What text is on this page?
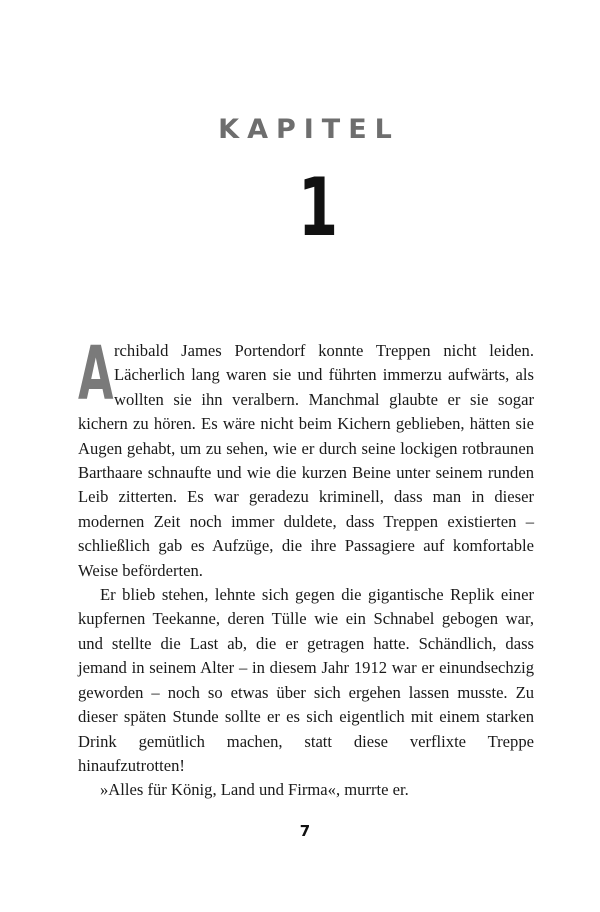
KAPITEL
1

Archibald James Portendorf konnte Treppen nicht leiden. Lächerlich lang waren sie und führten immerzu aufwärts, als wollten sie ihn veralbern. Manchmal glaubte er sie sogar kichern zu hören. Es wäre nicht beim Kichern geblieben, hätten sie Augen gehabt, um zu sehen, wie er durch seine lockigen rotbraunen Barthaare schnaufte und wie die kurzen Beine unter seinem runden Leib zitterten. Es war geradezu kriminell, dass man in dieser modernen Zeit noch immer duldete, dass Treppen existierten – schließlich gab es Aufzüge, die ihre Passagiere auf komfortable Weise beförderten.

Er blieb stehen, lehnte sich gegen die gigantische Replik einer kupfernen Teekanne, deren Tülle wie ein Schnabel gebogen war, und stellte die Last ab, die er getragen hatte. Schändlich, dass jemand in seinem Alter – in diesem Jahr 1912 war er einundsechzig geworden – noch so etwas über sich ergehen lassen musste. Zu dieser späten Stunde sollte er es sich eigentlich mit einem starken Drink gemütlich machen, statt diese verflixte Treppe hinaufzutrotten!

»Alles für König, Land und Firma«, murrte er.

7
